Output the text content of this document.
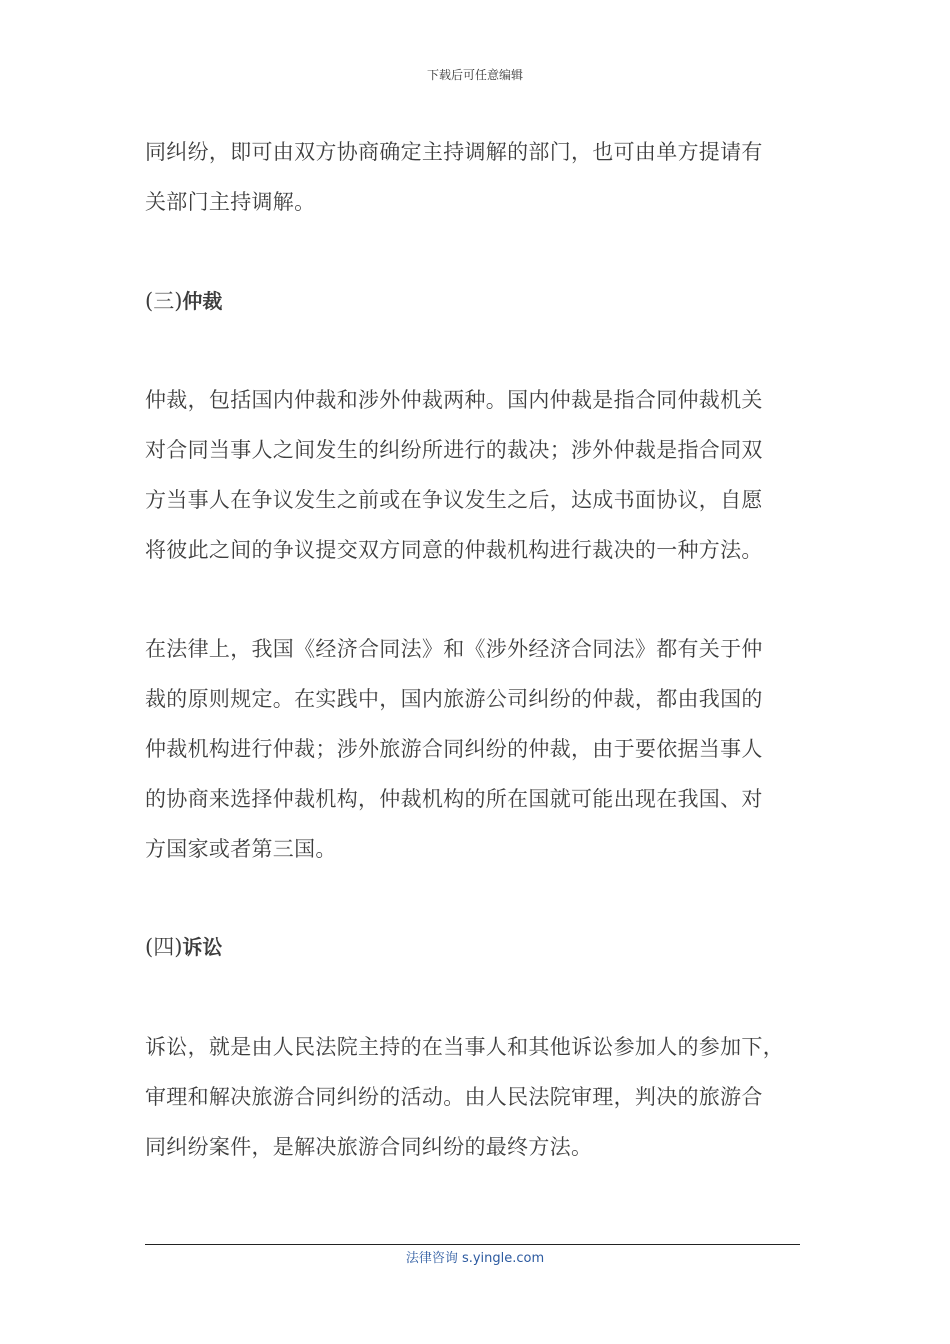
下载后可任意编辑
同纠纷，即可由双方协商确定主持调解的部门，也可由单方提请有
关部门主持调解。
(三)仲裁
仲裁，包括国内仲裁和涉外仲裁两种。国内仲裁是指合同仲裁机关
对合同当事人之间发生的纠纷所进行的裁决；涉外仲裁是指合同双
方当事人在争议发生之前或在争议发生之后，达成书面协议，自愿
将彼此之间的争议提交双方同意的仲裁机构进行裁决的一种方法。
在法律上，我国《经济合同法》和《涉外经济合同法》都有关于仲
裁的原则规定。在实践中，国内旅游公司纠纷的仲裁，都由我国的
仲裁机构进行仲裁；涉外旅游合同纠纷的仲裁，由于要依据当事人
的协商来选择仲裁机构，仲裁机构的所在国就可能出现在我国、对
方国家或者第三国。
(四)诉讼
诉讼，就是由人民法院主持的在当事人和其他诉讼参加人的参加下，
审理和解决旅游合同纠纷的活动。由人民法院审理，判决的旅游合
同纠纷案件，是解决旅游合同纠纷的最终方法。
法律咨询 s.yingle.com
